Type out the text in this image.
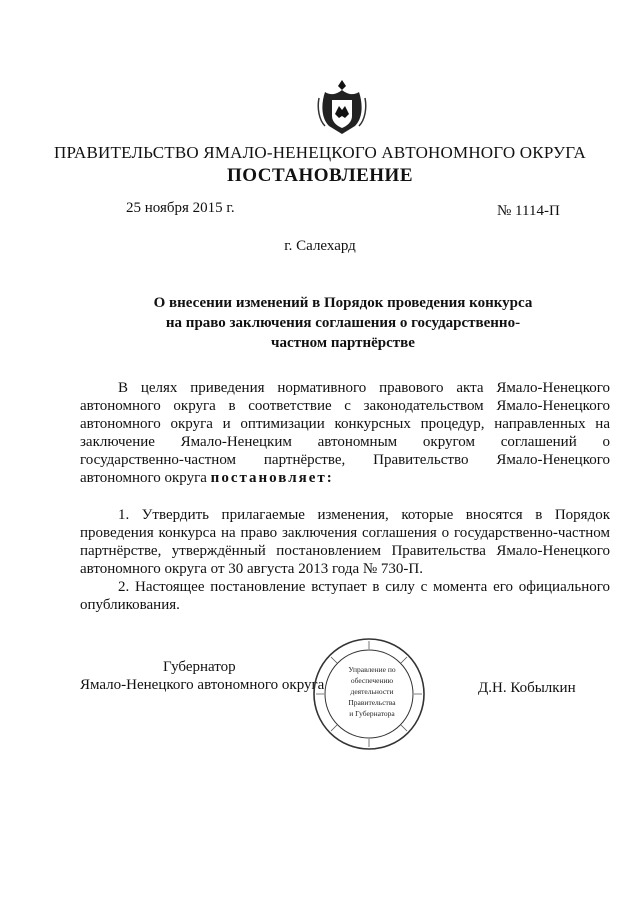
ПРАВИТЕЛЬСТВО ЯМАЛО-НЕНЕЦКОГО АВТОНОМНОГО ОКРУГА
ПОСТАНОВЛЕНИЕ
25 ноября 2015 г.	№ 1114-П
г. Салехард
О внесении изменений в Порядок проведения конкурса
на право заключения соглашения о государственно-
частном партнёрстве
В целях приведения нормативного правового акта Ямало-Ненецкого
автономного округа в соответствие с законодательством Ямало-Ненецкого
автономного округа и оптимизации конкурсных процедур, направленных на
заключение Ямало-Ненецким автономным округом соглашений о
государственно-частном партнёрстве, Правительство Ямало-Ненецкого
автономного округа постановляет:
1. Утвердить прилагаемые изменения, которые вносятся в Порядок
проведения конкурса на право заключения соглашения о государственно-частном
партнёрстве, утверждённый постановлением Правительства Ямало-Ненецкого
автономного округа от 30 августа 2013 года № 730-П.
2. Настоящее постановление вступает в силу с момента его официального
опубликования.
Губернатор
Ямало-Ненецкого автономного округа	Д.Н. Кобылкин
Управление по
обеспечению
деятельности
Правительства
и Губернатора
